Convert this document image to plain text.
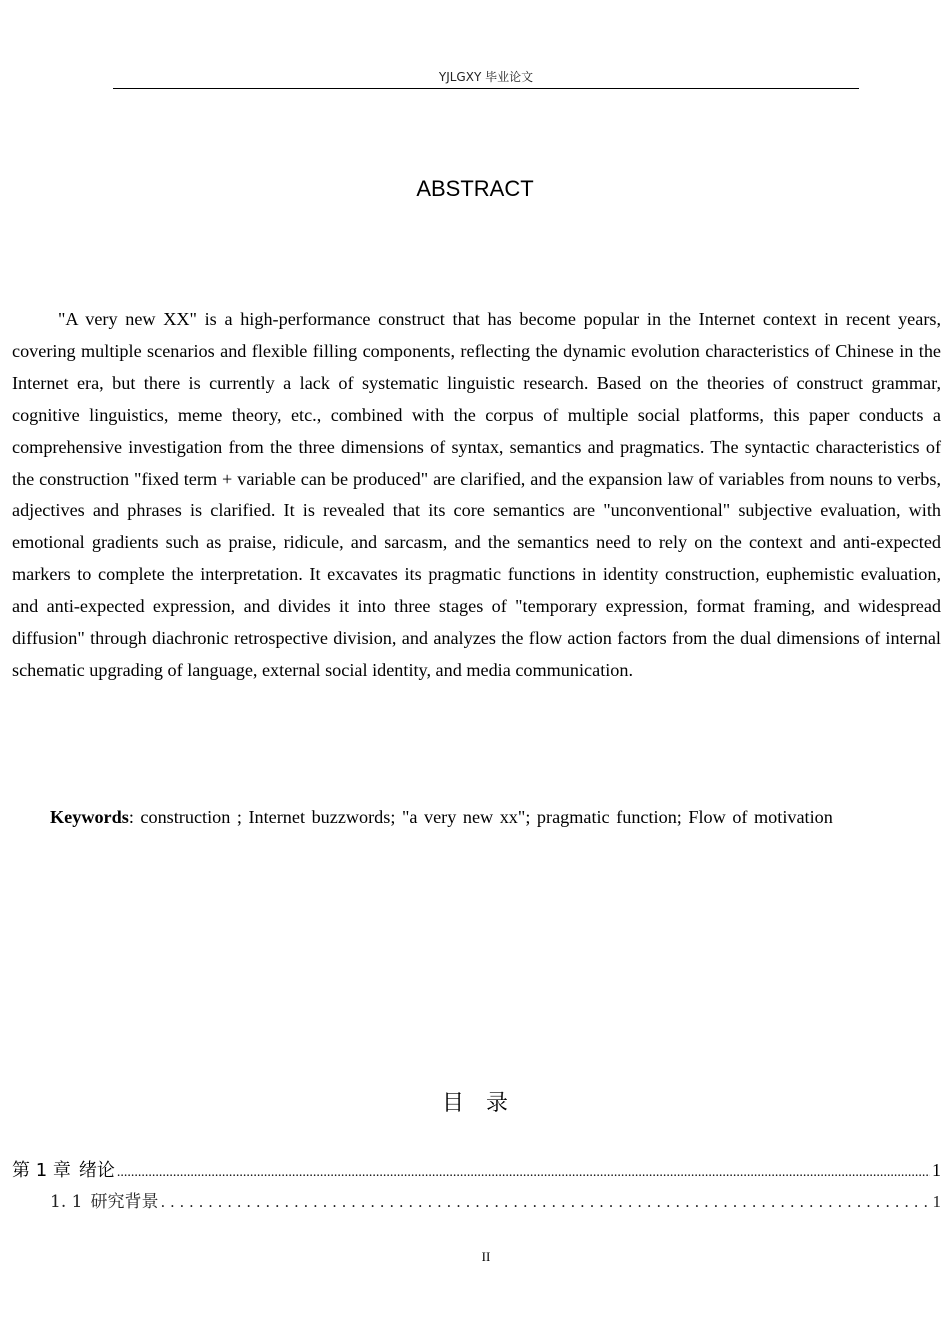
YJLGXY 毕业论文
ABSTRACT

"A very new XX" is a high-performance construct that has become popular in the Internet context in recent years, covering multiple scenarios and flexible filling components, reflecting the dynamic evolution characteristics of Chinese in the Internet era, but there is currently a lack of systematic linguistic research. Based on the theories of construct grammar, cognitive linguistics, meme theory, etc., combined with the corpus of multiple social platforms, this paper conducts a comprehensive investigation from the three dimensions of syntax, semantics and pragmatics. The syntactic characteristics of the construction "fixed term + variable can be produced" are clarified, and the expansion law of variables from nouns to verbs, adjectives and phrases is clarified. It is revealed that its core semantics are "unconventional" subjective evaluation, with emotional gradients such as praise, ridicule, and sarcasm, and the semantics need to rely on the context and anti-expected markers to complete the interpretation. It excavates its pragmatic functions in identity construction, euphemistic evaluation, and anti-expected expression, and divides it into three stages of "temporary expression, format framing, and widespread diffusion" through diachronic retrospective division, and analyzes the flow action factors from the dual dimensions of internal schematic upgrading of language, external social identity, and media communication.

Keywords: construction ; Internet buzzwords; "a very new xx"; pragmatic function; Flow of motivation
目录
第 1 章 绪论 .....	1
1. 1 研究背景 . . .	1
II
